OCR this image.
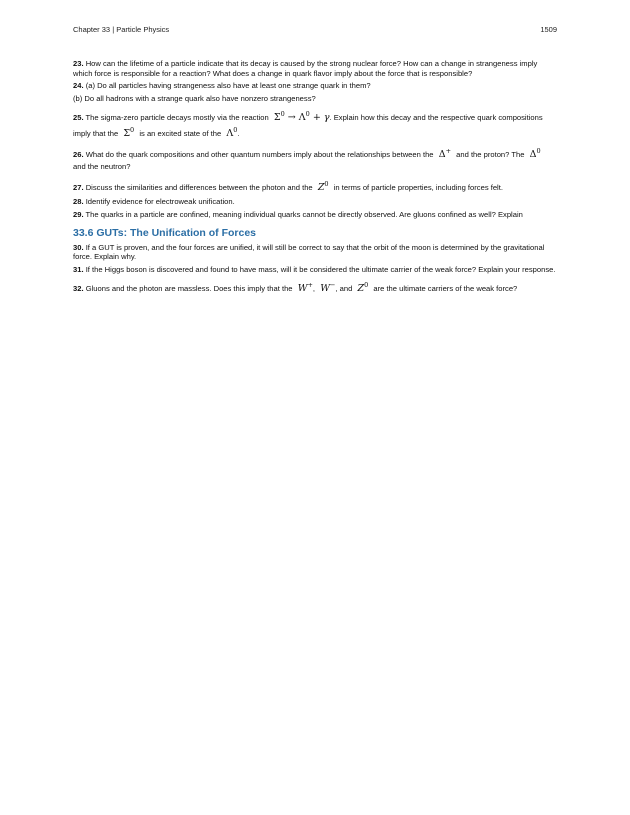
Chapter 33 | Particle Physics	1509

23. How can the lifetime of a particle indicate that its decay is caused by the strong nuclear force? How can a change in strangeness imply which force is responsible for a reaction? What does a change in quark flavor imply about the force that is responsible?

24. (a) Do all particles having strangeness also have at least one strange quark in them?

(b) Do all hadrons with a strange quark also have nonzero strangeness?

25. The sigma-zero particle decays mostly via the reaction $\Sigma^0 \to \Lambda^0 + \gamma$. Explain how this decay and the respective quark compositions imply that the $\Sigma^0$ is an excited state of the $\Lambda^0$.

26. What do the quark compositions and other quantum numbers imply about the relationships between the Δ+ and the proton? The $\Delta^0$  and the neutron?

27. Discuss the similarities and differences between the photon and the $Z^0$ in terms of particle properties, including forces felt.

28. Identify evidence for electroweak unification.

29. The quarks in a particle are confined, meaning individual quarks cannot be directly observed. Are gluons confined as well? Explain

33.6 GUTs: The Unification of Forces

30. If a GUT is proven, and the four forces are unified, it will still be correct to say that the orbit of the moon is determined by the gravitational force. Explain why.

31. If the Higgs boson is discovered and found to have mass, will it be considered the ultimate carrier of the weak force? Explain your response.

32. Gluons and the photon are massless. Does this imply that the W+, W−, and $Z^0$ are the ultimate carriers of the weak force?
